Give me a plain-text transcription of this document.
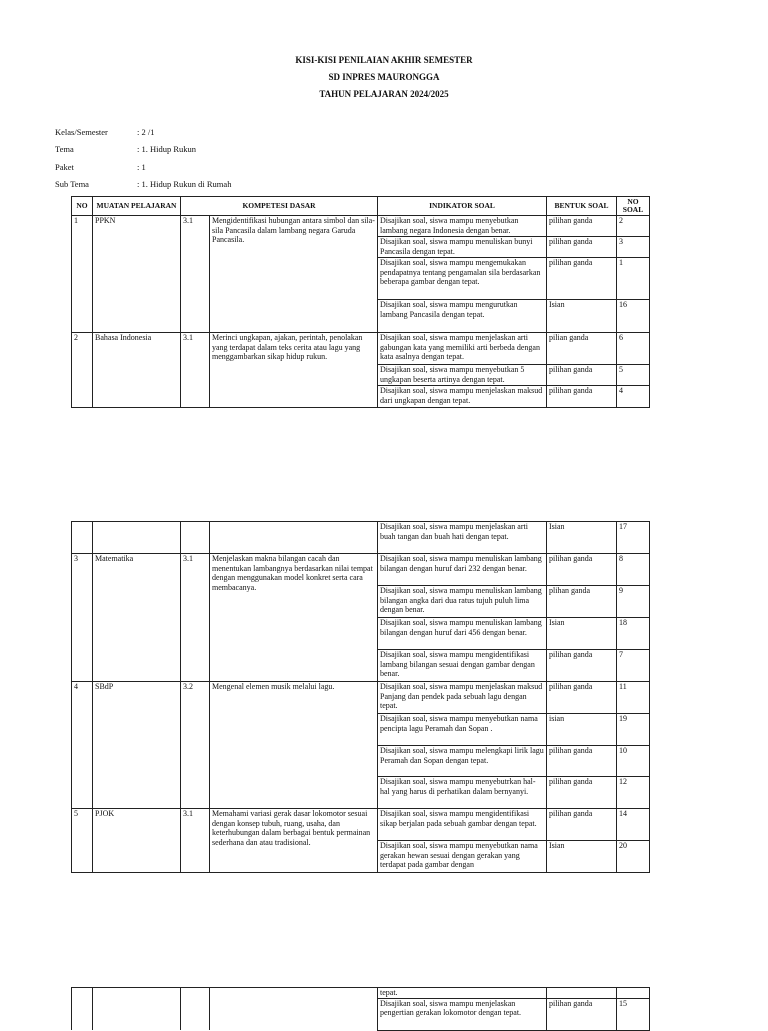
KISI-KISI PENILAIAN AKHIR SEMESTER
SD INPRES MAURONGGA
TAHUN PELAJARAN 2024/2025
Kelas/Semester	: 2 /1
Tema	: 1. Hidup Rukun
Paket	: 1
Sub Tema	: 1. Hidup Rukun di Rumah
NO	MUATAN PELAJARAN	KOMPETESI DASAR		INDIKATOR SOAL	BENTUK SOAL	NO SOAL
1	PPKN	3.1	Mengidentifikasi hubungan antara simbol dan sila-sila Pancasila dalam lambang negara Garuda Pancasila.	Disajikan soal, siswa mampu menyebutkan lambang negara Indonesia dengan benar.	pilihan ganda	2
				Disajikan soal, siswa mampu menuliskan bunyi Pancasila dengan tepat.	pilihan ganda	3
				Disajikan soal, siswa mampu mengemukakan pendapatnya tentang pengamalan sila berdasarkan beberapa gambar dengan tepat.	pilihan ganda	1
				Disajikan soal, siswa mampu mengurutkan lambang Pancasila dengan tepat.	Isian	16
2	Bahasa Indonesia	3.1	Merinci ungkapan, ajakan, perintah, penolakan yang terdapat dalam teks cerita atau lagu yang menggambarkan sikap hidup rukun.	Disajikan soal, siswa mampu menjelaskan arti gabungan kata yang memiliki arti berbeda dengan kata asalnya dengan tepat.	pilian ganda	6
				Disajikan soal, siswa mampu menyebutkan 5 ungkapan beserta artinya dengan tepat.	pilihan ganda	5
				Disajikan soal, siswa mampu menjelaskan maksud dari ungkapan dengan tepat.	pilihan ganda	4
				Disajikan soal, siswa mampu menjelaskan arti buah tangan dan buah hati dengan tepat.	Isian	17
3	Matematika	3.1	Menjelaskan makna bilangan cacah dan menentukan lambangnya berdasarkan nilai tempat dengan menggunakan model konkret serta cara membacanya.	Disajikan soal, siswa mampu menuliskan lambang bilangan dengan huruf dari 232 dengan benar.	pilihan ganda	8
				Disajikan soal, siswa mampu menuliskan lambang bilangan angka dari dua ratus tujuh puluh lima dengan benar.	plihan ganda	9
				Disajikan soal, siswa mampu menuliskan lambang bilangan dengan huruf dari 456 dengan benar.	Isian	18
				Disajikan soal, siswa mampu mengidentifikasi lambang bilangan sesuai dengan gambar dengan benar.	pilihan ganda	7
4	SBdP	3.2	Mengenal elemen musik melalui lagu.	Disajikan soal, siswa mampu menjelaskan maksud Panjang dan pendek pada sebuah lagu dengan tepat.	pilihan ganda	11
				Disajikan soal, siswa mampu menyebutkan nama pencipta lagu Peramah dan Sopan .	isian	19
				Disajikan soal, siswa mampu melengkapi lirik lagu Peramah dan Sopan dengan tepat.	pilihan ganda	10
				Disajikan soal, siswa mampu menyebutrkan hal- hal yang harus di perhatikan dalam bernyanyi.	pilihan ganda	12
5	PJOK	3.1	Memahami variasi gerak dasar lokomotor sesuai dengan konsep tubuh, ruang, usaha, dan keterhubungan dalam berbagai bentuk permainan sederhana dan atau tradisional.	Disajikan soal, siswa mampu mengidentifikasi sikap berjalan pada sebuah gambar dengan tepat.	pilihan ganda	14
				Disajikan soal, siswa mampu menyebutkan nama gerakan hewan sesuai dengan gerakan yang terdapat pada gambar dengan	Isian	20
				tepat.		
				Disajikan soal, siswa mampu menjelaskan pengertian gerakan lokomotor dengan tepat.	pilihan ganda	15
